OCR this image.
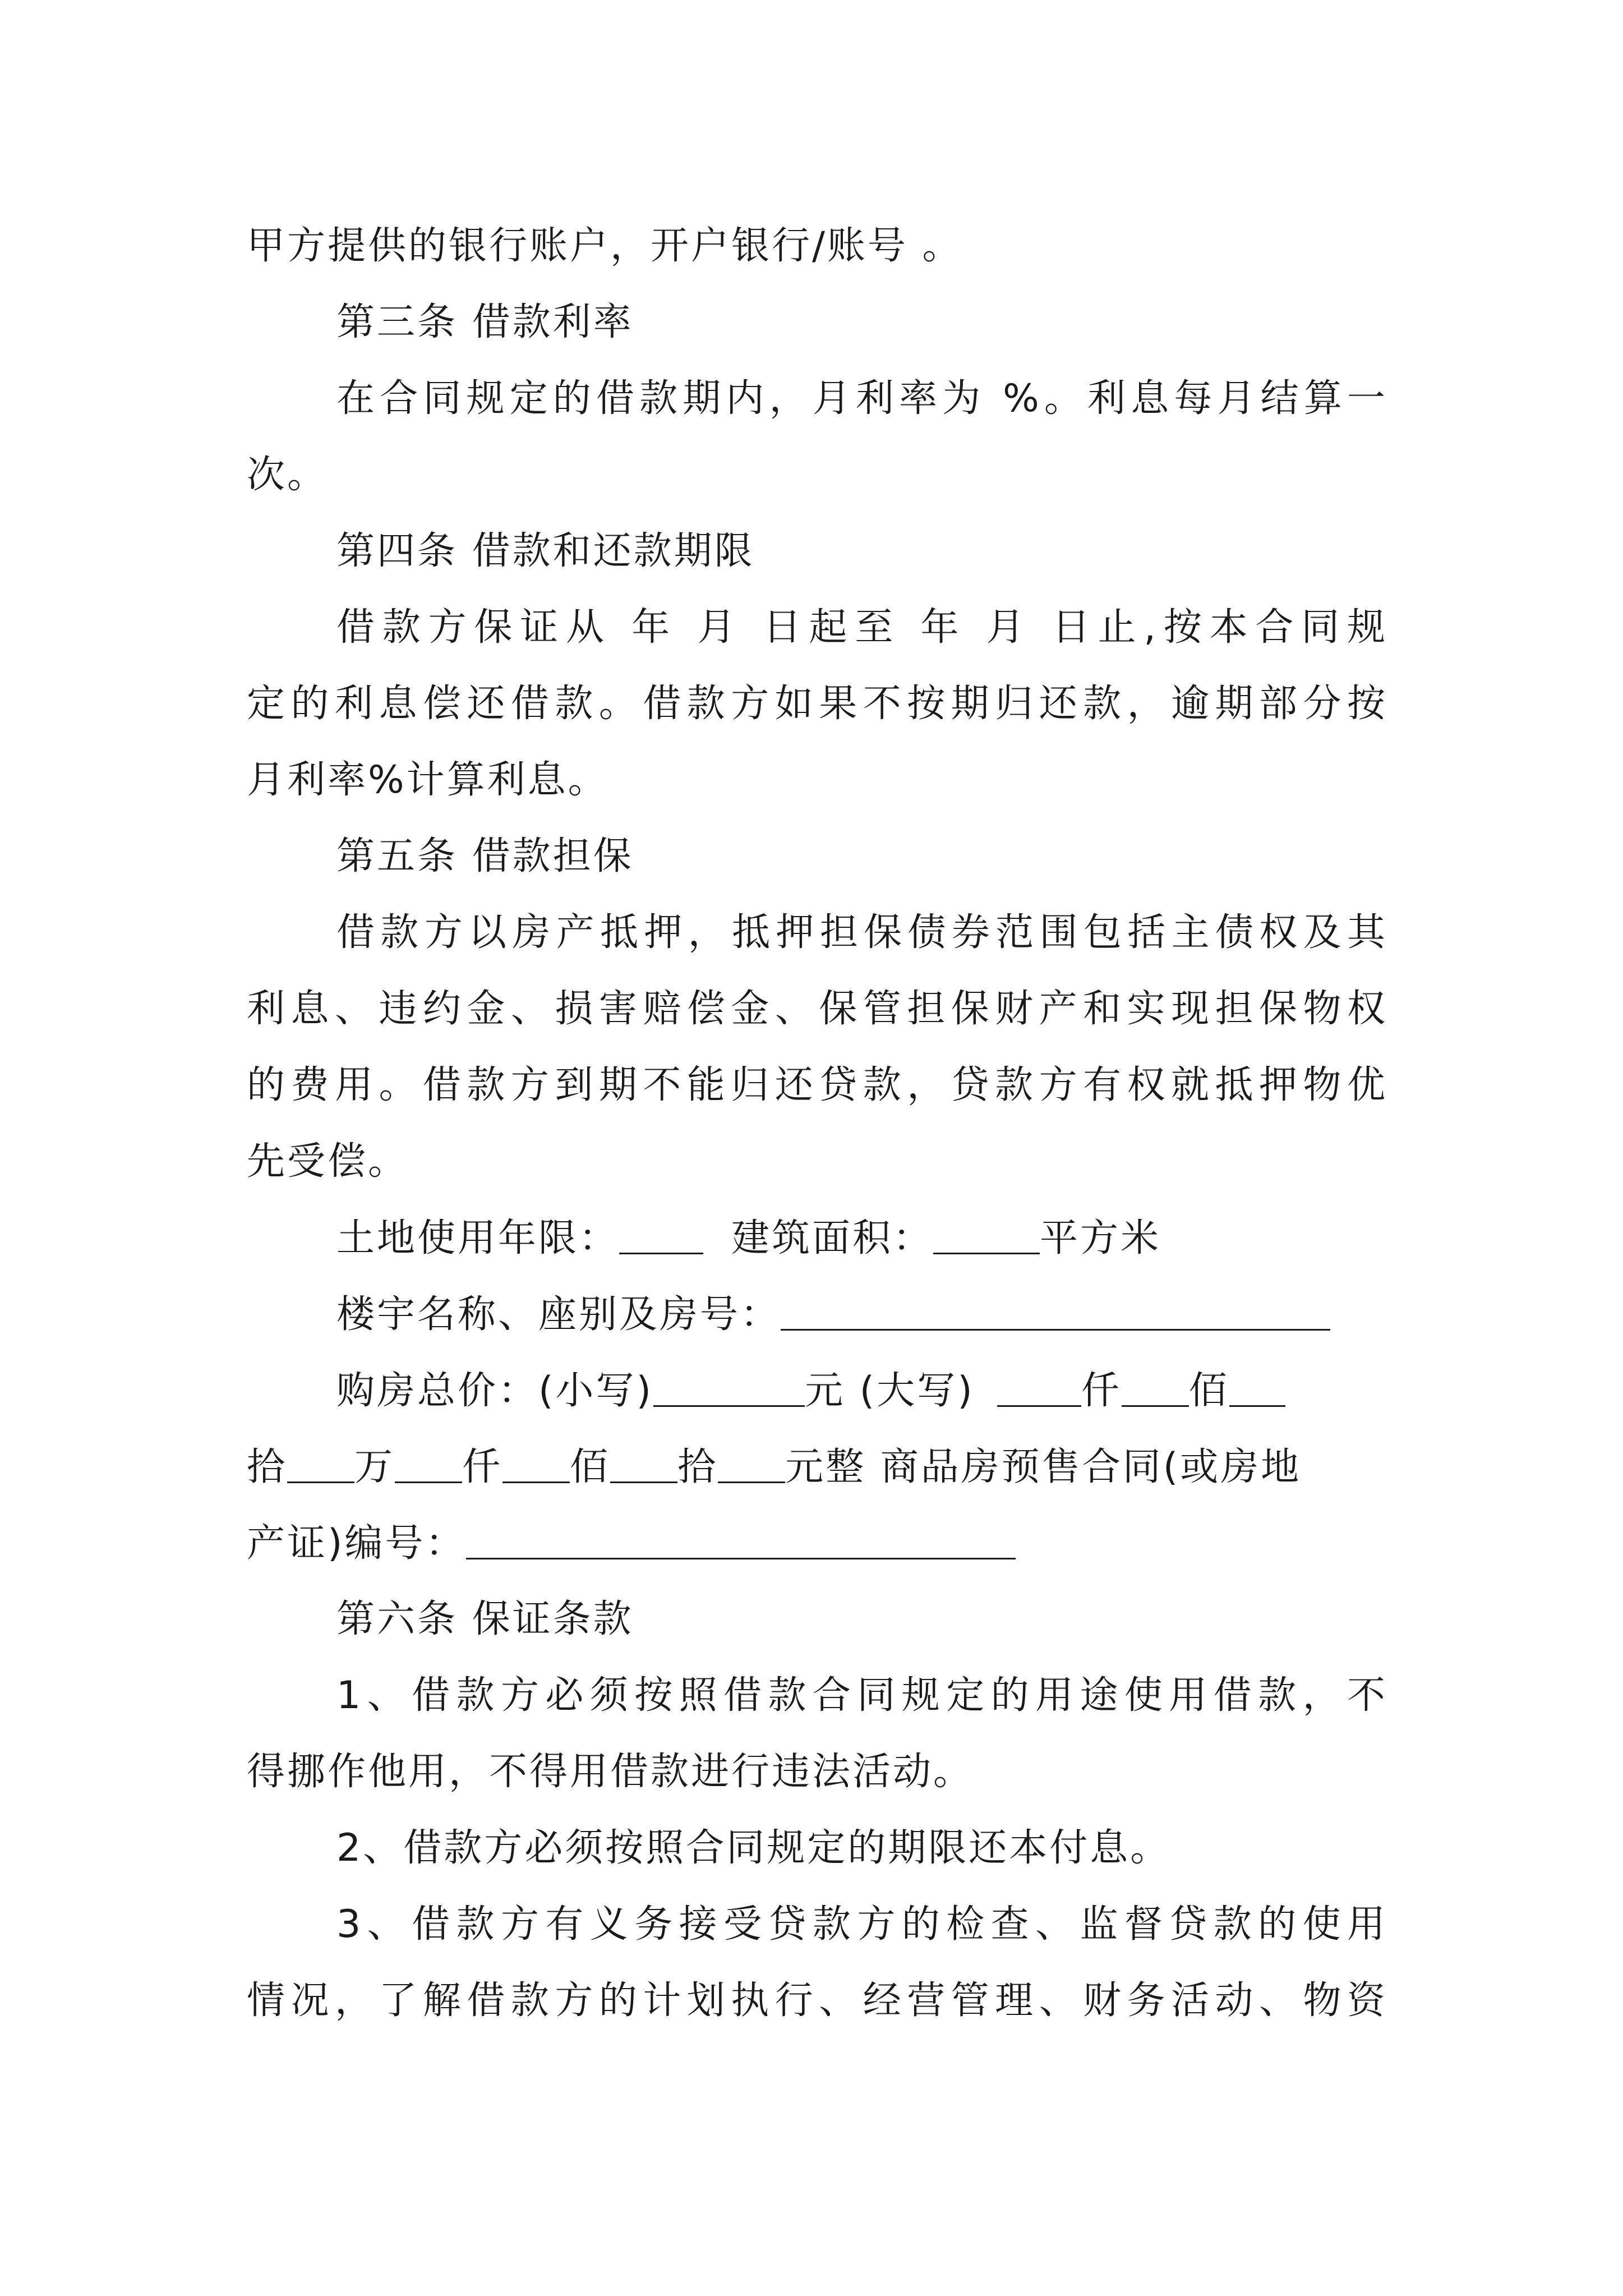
甲方提供的银行账户，开户银行/账号 。
第三条 借款利率
在合同规定的借款期内，月利率为 %。利息每月结算一
次。
第四条 借款和还款期限
借款方保证从 年 月 日起至 年 月 日止,按本合同规
定的利息偿还借款。借款方如果不按期归还款，逾期部分按
月利率%计算利息。
第五条 借款担保
借款方以房产抵押，抵押担保债券范围包括主债权及其
利息、违约金、损害赔偿金、保管担保财产和实现担保物权
的费用。借款方到期不能归还贷款，贷款方有权就抵押物优
先受偿。
土地使用年限：	建筑面积：	平方米
楼宇名称、座别及房号：
购房总价：(小写)	元 (大写)	仟 佰
拾 万 仟 佰 拾 元整 商品房预售合同(或房地
产证)编号：
第六条 保证条款
1、借款方必须按照借款合同规定的用途使用借款，不
得挪作他用，不得用借款进行违法活动。
2、借款方必须按照合同规定的期限还本付息。
3、借款方有义务接受贷款方的检查、监督贷款的使用
情况，了解借款方的计划执行、经营管理、财务活动、物资
